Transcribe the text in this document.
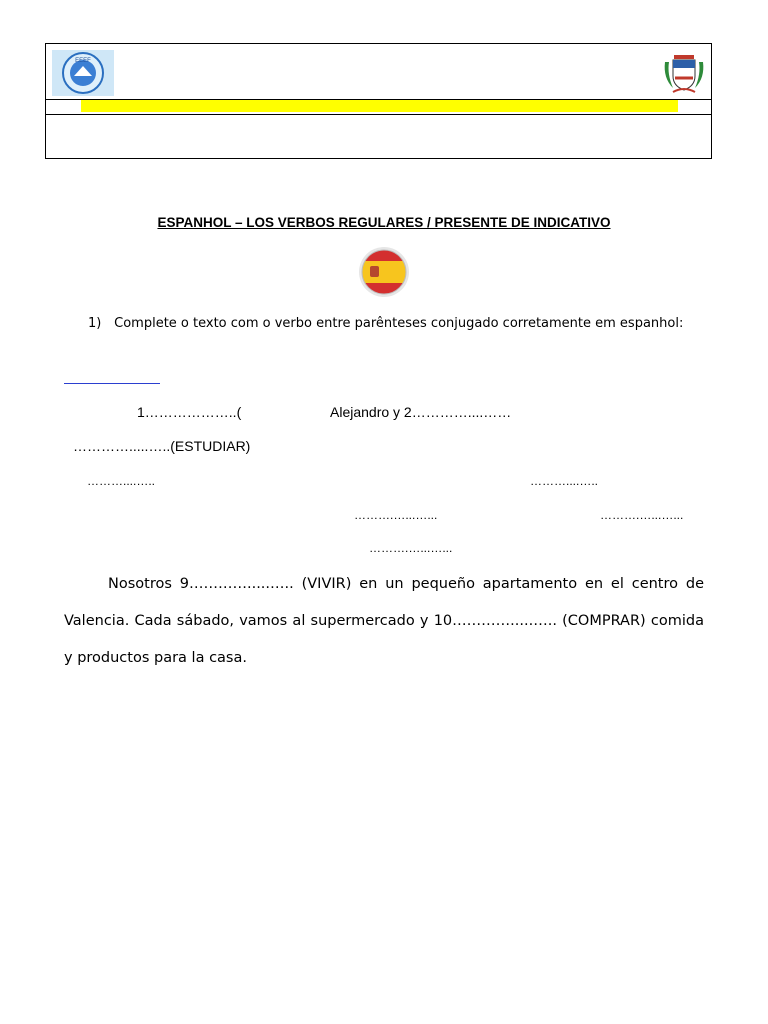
EEEF
ESPANHOL – LOS VERBOS REGULARES / PRESENTE DE INDICATIVO
1) Complete o texto com o verbo entre parênteses conjugado corretamente em espanhol:
1………………..(	Alejandro y 2…………....……
………….....…..(ESTUDIAR)
………....…..	………....…..
……….…...…...	……….…...…...
……….…...…...
Nosotros 9………….....….. (VIVIR) en un pequeño apartamento en el centro de Valencia. Cada sábado, vamos al supermercado y 10………….....….. (COMPRAR) comida y productos para la casa.
